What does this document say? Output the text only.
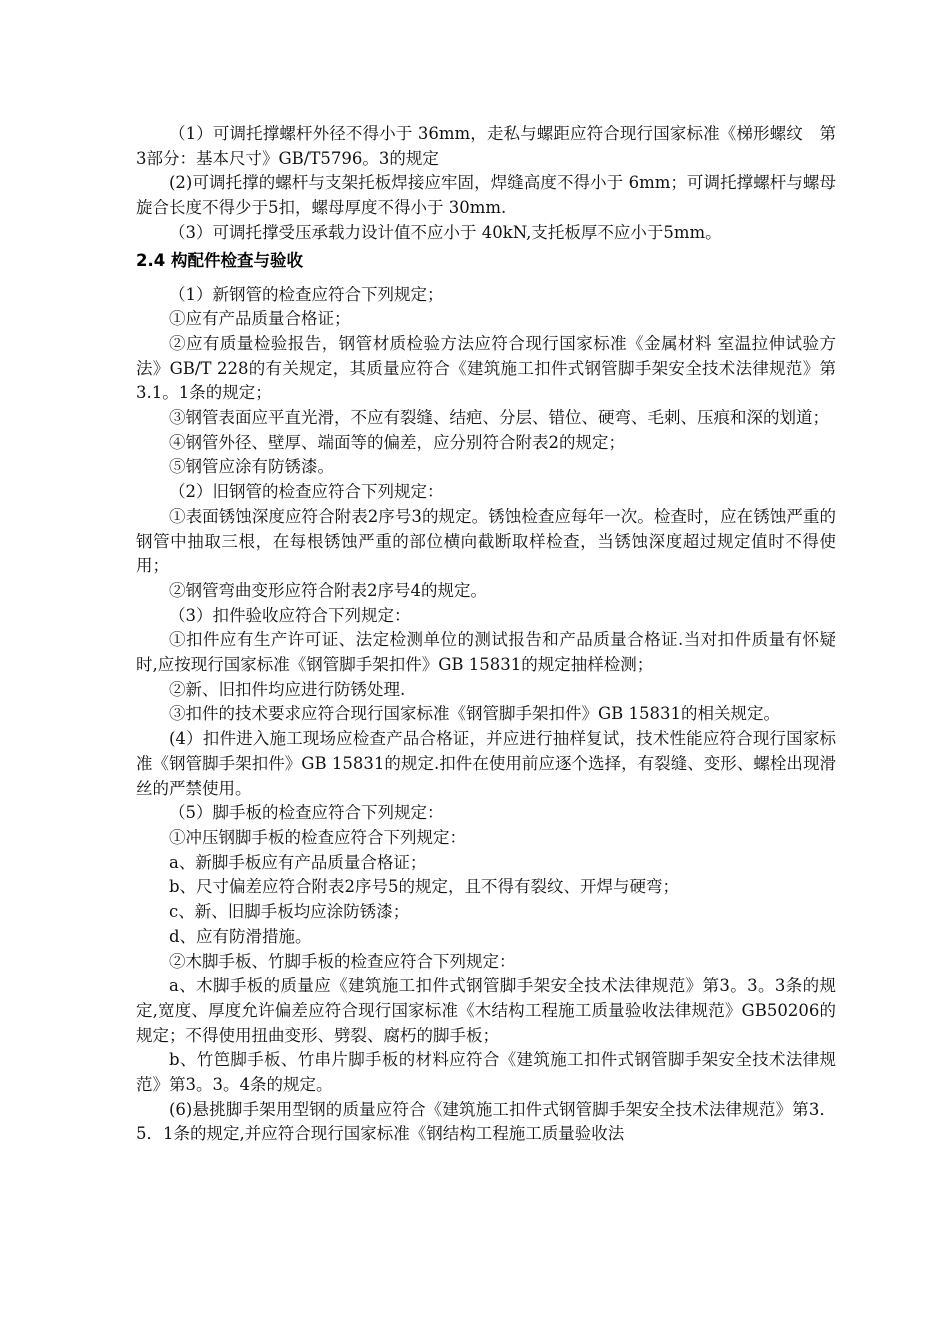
（1）可调托撑螺杆外径不得小于 36mm，走私与螺距应符合现行国家标准《梯形螺纹　第3部分：基本尺寸》GB/T5796。3的规定

(2)可调托撑的螺杆与支架托板焊接应牢固，焊缝高度不得小于 6mm；可调托撑螺杆与螺母旋合长度不得少于5扣，螺母厚度不得小于 30mm.

（3）可调托撑受压承载力设计值不应小于 40kN,支托板厚不应小于5mm。

2.4 构配件检查与验收

（1）新钢管的检查应符合下列规定；

①应有产品质量合格证；

②应有质量检验报告，钢管材质检验方法应符合现行国家标准《金属材料 室温拉伸试验方法》GB/T 228的有关规定，其质量应符合《建筑施工扣件式钢管脚手架安全技术法律规范》第3.1。1条的规定；

③钢管表面应平直光滑，不应有裂缝、结疤、分层、错位、硬弯、毛刺、压痕和深的划道；

④钢管外径、壁厚、端面等的偏差，应分别符合附表2的规定；

⑤钢管应涂有防锈漆。

（2）旧钢管的检查应符合下列规定：

①表面锈蚀深度应符合附表2序号3的规定。锈蚀检查应每年一次。检查时，应在锈蚀严重的钢管中抽取三根，在每根锈蚀严重的部位横向截断取样检查，当锈蚀深度超过规定值时不得使用；

②钢管弯曲变形应符合附表2序号4的规定。

（3）扣件验收应符合下列规定：

①扣件应有生产许可证、法定检测单位的测试报告和产品质量合格证.当对扣件质量有怀疑时,应按现行国家标准《钢管脚手架扣件》GB 15831的规定抽样检测；

②新、旧扣件均应进行防锈处理.

③扣件的技术要求应符合现行国家标准《钢管脚手架扣件》GB 15831的相关规定。

(4）扣件进入施工现场应检查产品合格证，并应进行抽样复试，技术性能应符合现行国家标准《钢管脚手架扣件》GB 15831的规定.扣件在使用前应逐个选择，有裂缝、变形、螺栓出现滑丝的严禁使用。

（5）脚手板的检查应符合下列规定：

①冲压钢脚手板的检查应符合下列规定：

a、新脚手板应有产品质量合格证；

b、尺寸偏差应符合附表2序号5的规定，且不得有裂纹、开焊与硬弯；

c、新、旧脚手板均应涂防锈漆；

d、应有防滑措施。

②木脚手板、竹脚手板的检查应符合下列规定：

a、木脚手板的质量应《建筑施工扣件式钢管脚手架安全技术法律规范》第3。3。3条的规定,宽度、厚度允许偏差应符合现行国家标准《木结构工程施工质量验收法律规范》GB50206的规定；不得使用扭曲变形、劈裂、腐朽的脚手板；

b、竹笆脚手板、竹串片脚手板的材料应符合《建筑施工扣件式钢管脚手架安全技术法律规范》第3。3。4条的规定。

(6)悬挑脚手架用型钢的质量应符合《建筑施工扣件式钢管脚手架安全技术法律规范》第3．5．1条的规定,并应符合现行国家标准《钢结构工程施工质量验收法
